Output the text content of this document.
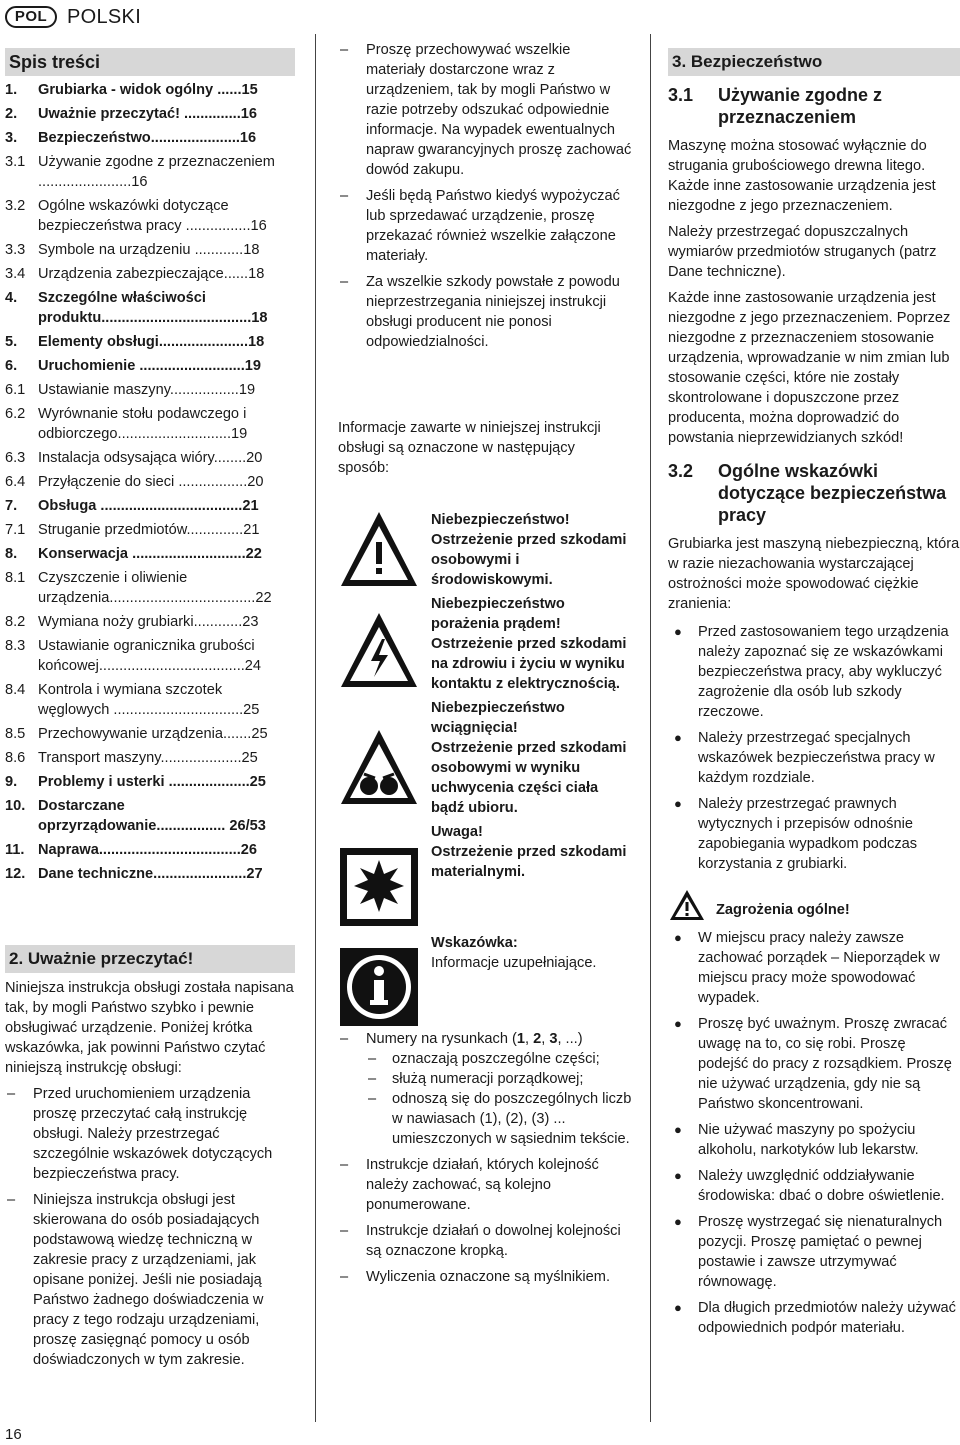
POL POLSKI
Spis treści
1.	Grubiarka - widok ogólny ......15
2.	Uważnie przeczytać! ..............16
3.	Bezpieczeństwo......................16
3.1 Używanie zgodne z przeznaczeniem .......................16
3.2 Ogólne wskazówki dotyczące bezpieczeństwa pracy ................16
3.3 Symbole na urządzeniu ............18
3.4 Urządzenia zabezpieczające......18
4.	Szczególne właściwości produktu.....................................18
5.	Elementy obsługi......................18
6.	Uruchomienie ..........................19
6.1 Ustawianie maszyny.................19
6.2 Wyrównanie stołu podawczego i odbiorczego............................19
6.3 Instalacja odsysająca wióry........20
6.4 Przyłączenie do sieci .................20
7.	Obsługa ...................................21
7.1 Struganie przedmiotów..............21
8.	Konserwacja ............................22
8.1 Czyszczenie i oliwienie urządzenia....................................22
8.2 Wymiana noży grubiarki............23
8.3 Ustawianie ogranicznika grubości końcowej....................................24
8.4 Kontrola i wymiana szczotek węglowych ................................25
8.5 Przechowywanie urządzenia.......25
8.6 Transport maszyny....................25
9.	Problemy i usterki ....................25
10. Dostarczane oprzyrządowanie................. 26/53
11. Naprawa...................................26
12. Dane techniczne.......................27
2. Uważnie przeczytać!

Niniejsza instrukcja obsługi została napisana tak, by mogli Państwo szybko i pewnie obsługiwać urządzenie. Poniżej krótka wskazówka, jak powinni Państwo czytać niniejszą instrukcję obsługi:

–	Przed uruchomieniem urządzenia proszę przeczytać całą instrukcję obsługi. Należy przestrzegać szczególnie wskazówek dotyczących bezpieczeństwa pracy.
–	Niniejsza instrukcja obsługi jest skierowana do osób posiadających podstawową wiedzę techniczną w zakresie pracy z urządzeniami, jak opisane poniżej. Jeśli nie posiadają Państwo żadnego doświadczenia w pracy z tego rodzaju urządzeniami, proszę zasięgnąć pomocy u osób doświadczonych w tym zakresie.
–	Proszę przechowywać wszelkie materiały dostarczone wraz z urządzeniem, tak by mogli Państwo w razie potrzeby odszukać odpowiednie informacje. Na wypadek ewentualnych napraw gwarancyjnych proszę zachować dowód zakupu.
–	Jeśli będą Państwo kiedyś wypożyczać lub sprzedawać urządzenie, proszę przekazać również wszelkie załączone materiały.
–	Za wszelkie szkody powstałe z powodu nieprzestrzegania niniejszej instrukcji obsługi producent nie ponosi odpowiedzialności.

Informacje zawarte w niniejszej instrukcji obsługi są oznaczone w następujący sposób:

Niebezpieczeństwo!
Ostrzeżenie przed szkodami osobowymi i środowiskowymi.
Niebezpieczeństwo porażenia prądem!
Ostrzeżenie przed szkodami na zdrowiu i życiu w wyniku kontaktu z elektrycznością.
Niebezpieczeństwo wciągnięcia!
Ostrzeżenie przed szkodami osobowymi w wyniku uchwycenia części ciała bądź ubioru.
Uwaga!
Ostrzeżenie przed szkodami materialnymi.
Wskazówka:
Informacje uzupełniające.
–	Numery na rysunkach (1, 2, 3, ...)
–	oznaczają poszczególne części;
–	służą numeracji porządkowej;
–	odnoszą się do poszczególnych liczb w nawiasach (1), (2), (3) ... umieszczonych w sąsiednim tekście.
–	Instrukcje działań, których kolejność należy zachować, są kolejno ponumerowane.
–	Instrukcje działań o dowolnej kolejności są oznaczone kropką.
–	Wyliczenia oznaczone są myślnikiem.
3. Bezpieczeństwo
3.1	Używanie zgodne z przeznaczeniem

Maszynę można stosować wyłącznie do strugania grubościowego drewna litego. Każde inne zastosowanie urządzenia jest niezgodne z jego przeznaczeniem.

Należy przestrzegać dopuszczalnych wymiarów przedmiotów struganych (patrz Dane techniczne).

Każde inne zastosowanie urządzenia jest niezgodne z jego przeznaczeniem. Poprzez niezgodne z przeznaczeniem stosowanie urządzenia, wprowadzanie w nim zmian lub stosowanie części, które nie zostały skontrolowane i dopuszczone przez producenta, można doprowadzić do powstania nieprzewidzianych szkód!

3.2	Ogólne wskazówki dotyczące bezpieczeństwa pracy

Grubiarka jest maszyną niebezpieczną, która w razie niezachowania wystarczającej ostrożności może spowodować ciężkie zranienia:

●	Przed zastosowaniem tego urządzenia należy zapoznać się ze wskazówkami bezpieczeństwa pracy, aby wykluczyć zagrożenie dla osób lub szkody rzeczowe.
●	Należy przestrzegać specjalnych wskazówek bezpieczeństwa pracy w każdym rozdziale.
●	Należy przestrzegać prawnych wytycznych i przepisów odnośnie zapobiegania wypadkom podczas korzystania z grubiarki.
Zagrożenia ogólne!
●	W miejscu pracy należy zawsze zachować porządek – Nieporządek w miejscu pracy może spowodować wypadek.
●	Proszę być uważnym. Proszę zwracać uwagę na to, co się robi. Proszę podejść do pracy z rozsądkiem. Proszę nie używać urządzenia, gdy nie są Państwo skoncentrowani.
●	Nie używać maszyny po spożyciu alkoholu, narkotyków lub lekarstw.
●	Należy uwzględnić oddziaływanie środowiska: dbać o dobre oświetlenie.
●	Proszę wystrzegać się nienaturalnych pozycji. Proszę pamiętać o pewnej postawie i zawsze utrzymywać równowagę.
●	Dla długich przedmiotów należy używać odpowiednich podpór materiału.
16
